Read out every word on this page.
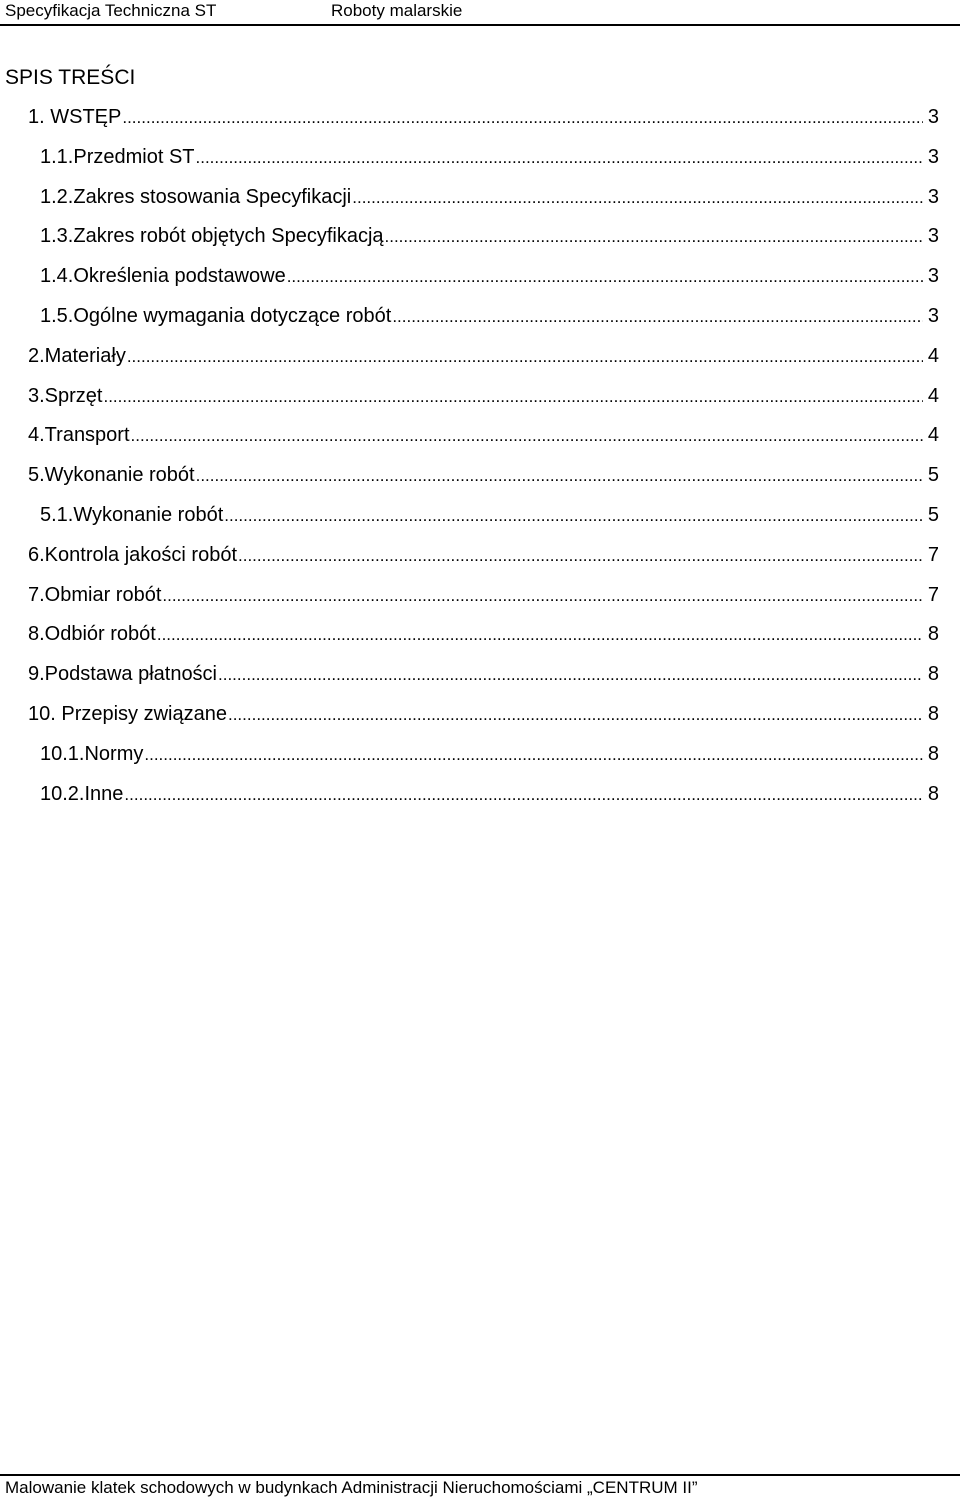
Specyfikacja Techniczna ST	Roboty malarskie
SPIS TREŚCI
1. WSTĘP .....	3
1.1.Przedmiot ST .....	3
1.2.Zakres stosowania Specyfikacji .....	3
1.3.Zakres robót objętych Specyfikacją .....	3
1.4.Określenia podstawowe .....	3
1.5.Ogólne wymagania dotyczące robót .....	3
2.Materiały .....	4
3.Sprzęt .....	4
4.Transport .....	4
5.Wykonanie robót .....	5
5.1.Wykonanie robót .....	5
6.Kontrola jakości robót .....	7
7.Obmiar robót .....	7
8.Odbiór robót .....	8
9.Podstawa płatności .....	8
10. Przepisy związane .....	8
10.1.Normy .....	8
10.2.Inne .....	8
Malowanie klatek schodowych w budynkach Administracji Nieruchomościami „CENTRUM II”
